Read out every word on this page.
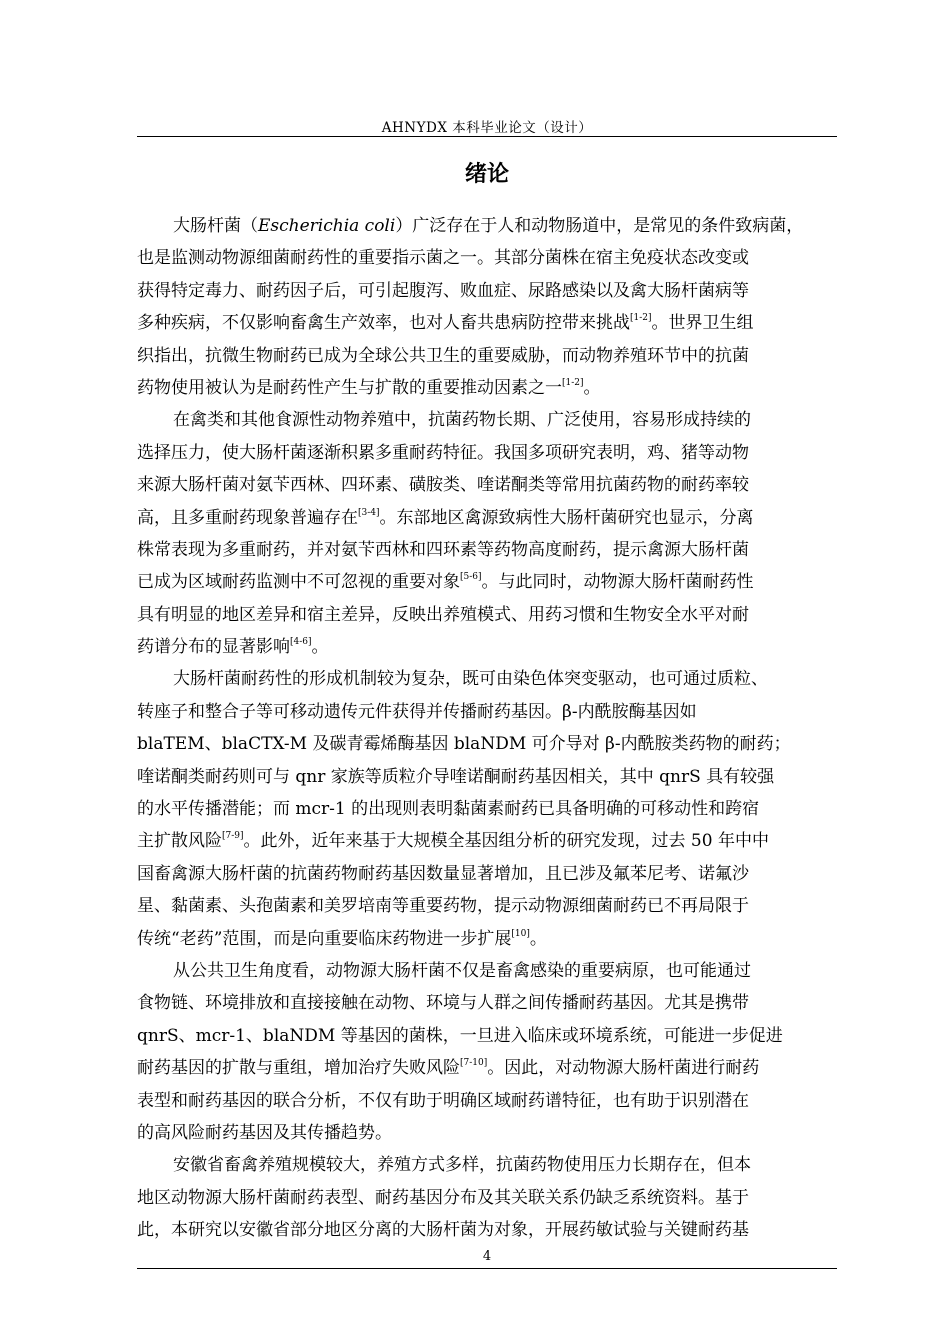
AHNYDX 本科毕业论文（设计）
绪论

大肠杆菌（Escherichia coli）广泛存在于人和动物肠道中，是常见的条件致病菌，
也是监测动物源细菌耐药性的重要指示菌之一。其部分菌株在宿主免疫状态改变或
获得特定毒力、耐药因子后，可引起腹泻、败血症、尿路感染以及禽大肠杆菌病等
多种疾病，不仅影响畜禽生产效率，也对人畜共患病防控带来挑战[1-2]。世界卫生组
织指出，抗微生物耐药已成为全球公共卫生的重要威胁，而动物养殖环节中的抗菌
药物使用被认为是耐药性产生与扩散的重要推动因素之一[1-2]。

在禽类和其他食源性动物养殖中，抗菌药物长期、广泛使用，容易形成持续的
选择压力，使大肠杆菌逐渐积累多重耐药特征。我国多项研究表明，鸡、猪等动物
来源大肠杆菌对氨苄西林、四环素、磺胺类、喹诺酮类等常用抗菌药物的耐药率较
高，且多重耐药现象普遍存在[3-4]。东部地区禽源致病性大肠杆菌研究也显示，分离
株常表现为多重耐药，并对氨苄西林和四环素等药物高度耐药，提示禽源大肠杆菌
已成为区域耐药监测中不可忽视的重要对象[5-6]。与此同时，动物源大肠杆菌耐药性
具有明显的地区差异和宿主差异，反映出养殖模式、用药习惯和生物安全水平对耐
药谱分布的显著影响[4-6]。

大肠杆菌耐药性的形成机制较为复杂，既可由染色体突变驱动，也可通过质粒、
转座子和整合子等可移动遗传元件获得并传播耐药基因。β-内酰胺酶基因如
blaTEM、blaCTX-M 及碳青霉烯酶基因 blaNDM 可介导对 β-内酰胺类药物的耐药；
喹诺酮类耐药则可与 qnr 家族等质粒介导喹诺酮耐药基因相关，其中 qnrS 具有较强
的水平传播潜能；而 mcr-1 的出现则表明黏菌素耐药已具备明确的可移动性和跨宿
主扩散风险[7-9]。此外，近年来基于大规模全基因组分析的研究发现，过去 50 年中中
国畜禽源大肠杆菌的抗菌药物耐药基因数量显著增加，且已涉及氟苯尼考、诺氟沙
星、黏菌素、头孢菌素和美罗培南等重要药物，提示动物源细菌耐药已不再局限于
传统“老药”范围，而是向重要临床药物进一步扩展[10]。

从公共卫生角度看，动物源大肠杆菌不仅是畜禽感染的重要病原，也可能通过
食物链、环境排放和直接接触在动物、环境与人群之间传播耐药基因。尤其是携带
qnrS、mcr-1、blaNDM 等基因的菌株，一旦进入临床或环境系统，可能进一步促进
耐药基因的扩散与重组，增加治疗失败风险[7-10]。因此，对动物源大肠杆菌进行耐药
表型和耐药基因的联合分析，不仅有助于明确区域耐药谱特征，也有助于识别潜在
的高风险耐药基因及其传播趋势。

安徽省畜禽养殖规模较大，养殖方式多样，抗菌药物使用压力长期存在，但本
地区动物源大肠杆菌耐药表型、耐药基因分布及其关联关系仍缺乏系统资料。基于
此，本研究以安徽省部分地区分离的大肠杆菌为对象，开展药敏试验与关键耐药基

4
